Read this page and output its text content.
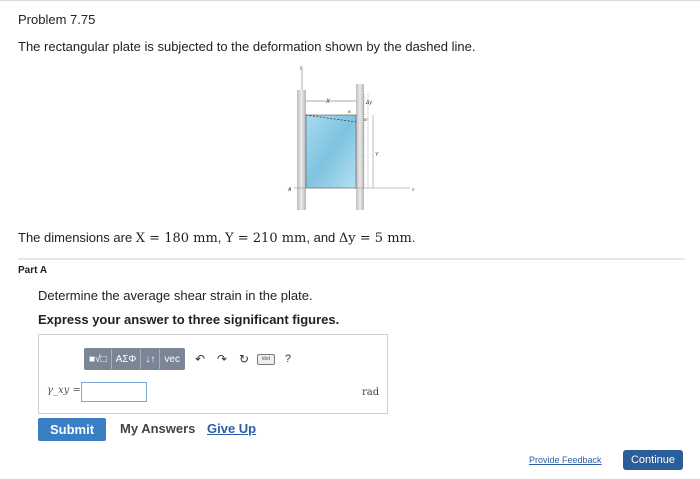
Problem 7.75
The rectangular plate is subjected to the deformation shown by the dashed line.
y
X
B
B'
Δy
Y
x
A
The dimensions are X = 180 mm, Y = 210 mm, and Δy = 5 mm.
Part A
Determine the average shear strain in the plate.
Express your answer to three significant figures.
■√□ ΑΣΦ ↓↑ vec	↶ ↷ ↻	kbd	?
γ_xy =	rad
Submit	My Answers Give Up
Provide Feedback	Continue
